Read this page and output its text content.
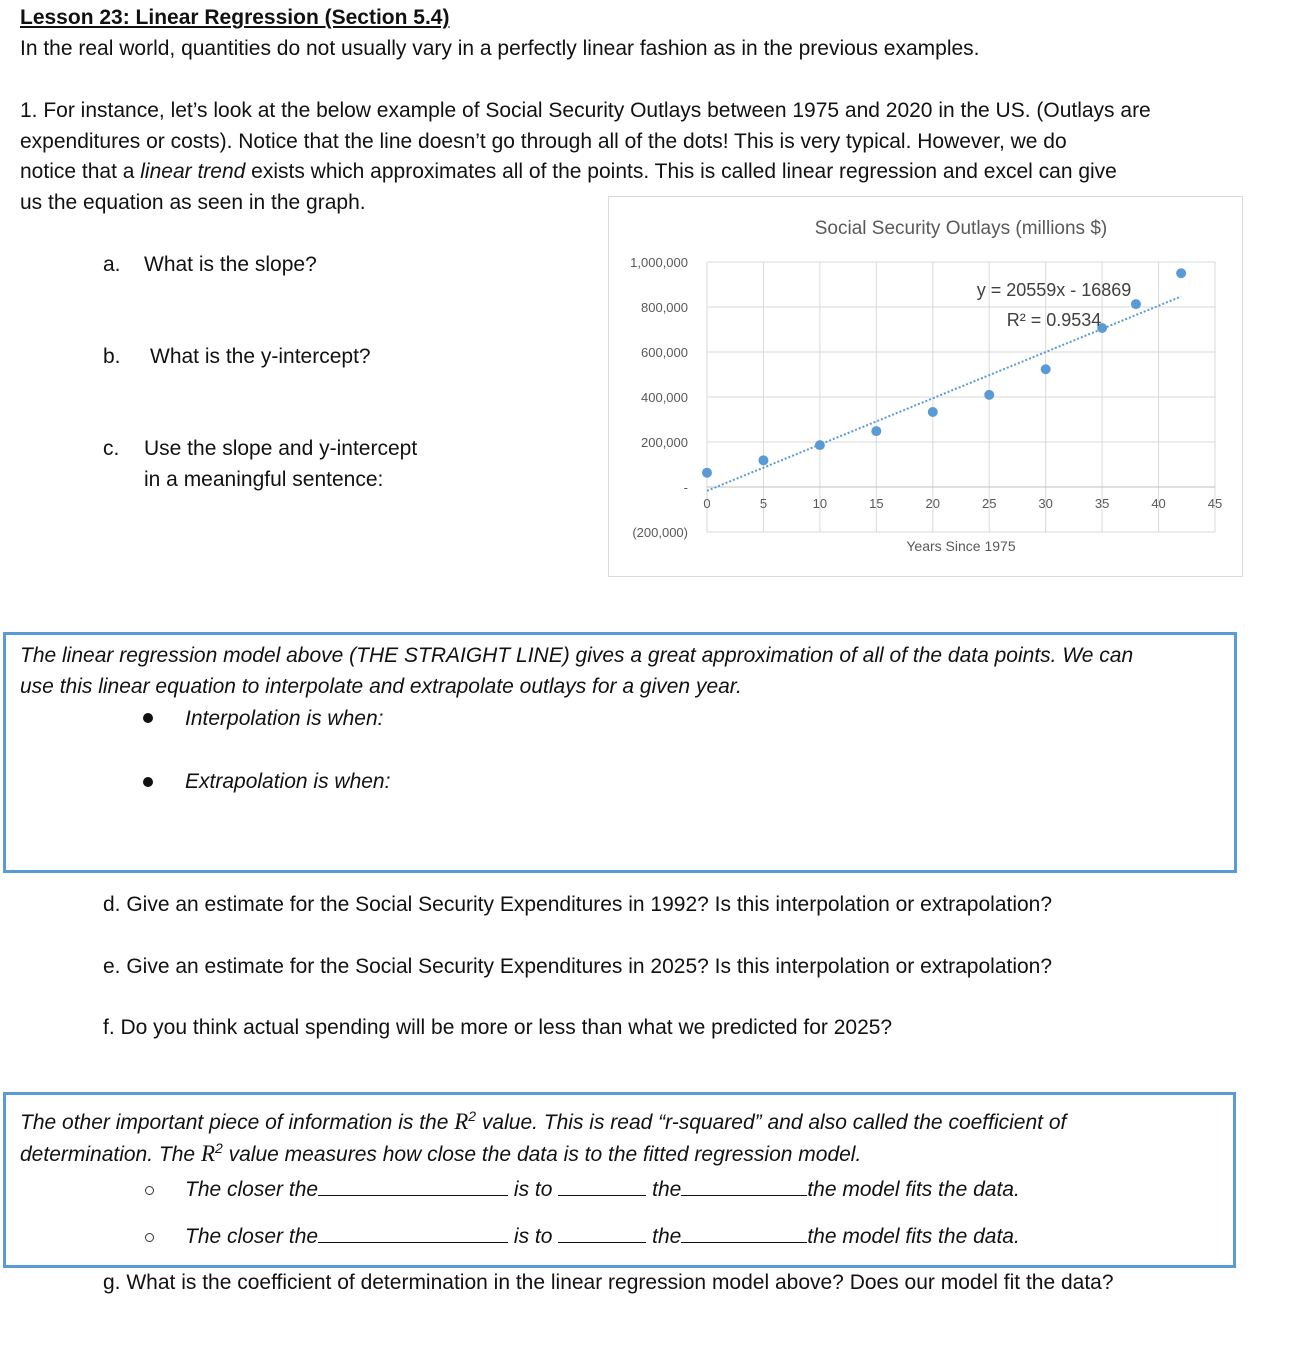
Lesson 23: Linear Regression (Section 5.4)
In the real world, quantities do not usually vary in a perfectly linear fashion as in the previous examples.
1. For instance, let’s look at the below example of Social Security Outlays between 1975 and 2020 in the US. (Outlays are
expenditures or costs). Notice that the line doesn’t go through all of the dots! This is very typical. However, we do
notice that a linear trend exists which approximates all of the points. This is called linear regression and excel can give
us the equation as seen in the graph.
a. What is the slope?
b. What is the y-intercept?
c. Use the slope and y-intercept
in a meaningful sentence:
Social Security Outlays (millions $)
(200,000)
-
200,000
400,000
600,000
800,000
1,000,000
0	5	10	15	20	25	30	35	40	45
y = 20559x - 16869
R² = 0.9534
Years Since 1975
The linear regression model above (THE STRAIGHT LINE) gives a great approximation of all of the data points. We can
use this linear equation to interpolate and extrapolate outlays for a given year.
Interpolation is when:
Extrapolation is when:
d. Give an estimate for the Social Security Expenditures in 1992? Is this interpolation or extrapolation?
e. Give an estimate for the Social Security Expenditures in 2025? Is this interpolation or extrapolation?
f. Do you think actual spending will be more or less than what we predicted for 2025?
The other important piece of information is the $R^2$ value. This is read “r-squared” and also called the coefficient of
determination. The $R^2$ value measures how close the data is to the fitted regression model.
The closer the	is to	the	the model fits the data.
The closer the	is to	the	the model fits the data.
g. What is the coefficient of determination in the linear regression model above? Does our model fit the data?
